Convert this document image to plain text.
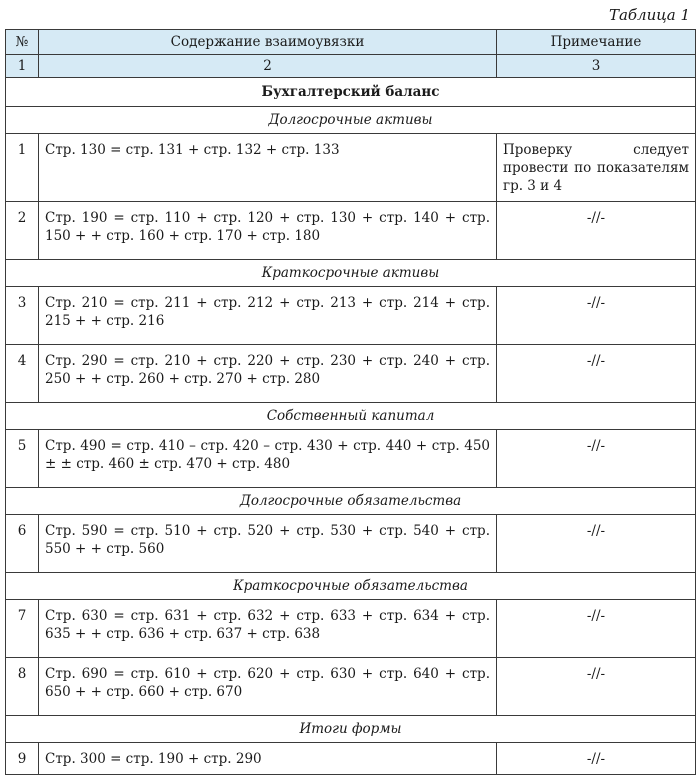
Таблица 1
№	Содержание взаимоувязки	Примечание
1	2	3
Бухгалтерский баланс		
Долгосрочные активы		
1	Стр. 130 = стр. 131 + стр. 132 + стр. 133	Проверку следует провести по показателям гр. 3 и 4
2	Стр. 190 = стр. 110 + стр. 120 + стр. 130 + стр. 140 + стр. 150 + + стр. 160 + стр. 170 + стр. 180	-//-
Краткосрочные активы		
3	Стр. 210 = стр. 211 + стр. 212 + стр. 213 + стр. 214 + стр. 215 + + стр. 216	-//-
4	Стр. 290 = стр. 210 + стр. 220 + стр. 230 + стр. 240 + стр. 250 + + стр. 260 + стр. 270 + стр. 280	-//-
Собственный капитал		
5	Стр. 490 = стр. 410 – стр. 420 – стр. 430 + стр. 440 + стр. 450 ± ± стр. 460 ± стр. 470 + стр. 480	-//-
Долгосрочные обязательства		
6	Стр. 590 = стр. 510 + стр. 520 + стр. 530 + стр. 540 + стр. 550 + + стр. 560	-//-
Краткосрочные обязательства		
7	Стр. 630 = стр. 631 + стр. 632 + стр. 633 + стр. 634 + стр. 635 + + стр. 636 + стр. 637 + стр. 638	-//-
8	Стр. 690 = стр. 610 + стр. 620 + стр. 630 + стр. 640 + стр. 650 + + стр. 660 + стр. 670	-//-
Итоги формы		
9	Стр. 300 = стр. 190 + стр. 290	-//-
